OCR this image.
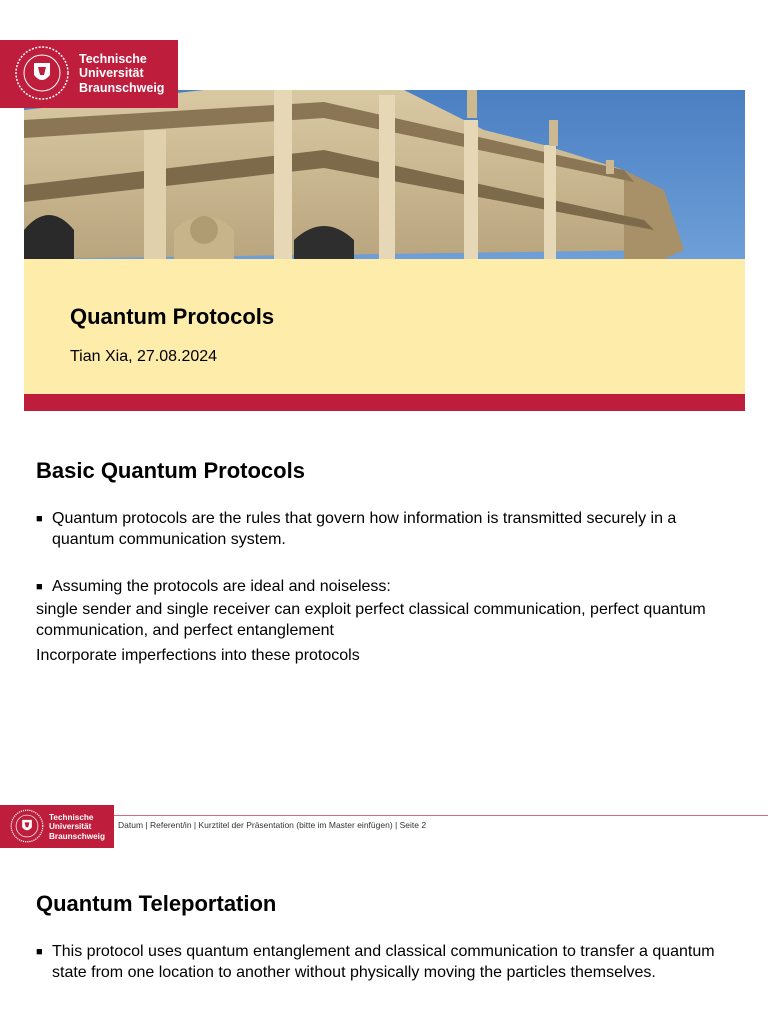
Technische
Universität
Braunschweig
Quantum Protocols
Tian Xia, 27.08.2024
Basic Quantum Protocols
■ Quantum protocols are the rules that govern how information is transmitted securely in a quantum communication system.
■ Assuming the protocols are ideal and noiseless:
single sender and single receiver can exploit perfect classical communication, perfect quantum communication, and perfect entanglement
Incorporate imperfections into these protocols
Technische
Universität
Braunschweig
Datum | Referent/in | Kurztitel der Präsentation (bitte im Master einfügen) | Seite 2
Quantum Teleportation
■ This protocol uses quantum entanglement and classical communication to transfer a quantum state from one location to another without physically moving the particles themselves.
